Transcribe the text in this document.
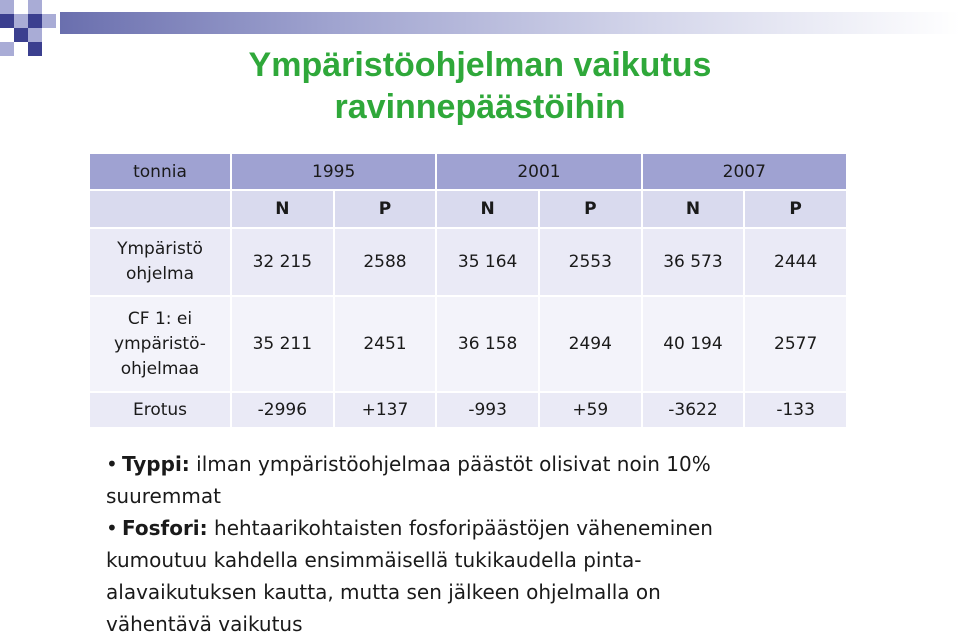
Ympäristöohjelman vaikutus
ravinnepäästöihin
tonnia	1995		2001		2007	
	N	P	N	P	N	P

Ympäristö
ohjelma	32 215	2588	35 164	2553	36 573	2444

CF 1: ei
ympäristö-
ohjelmaa	35 211	2451	36 158	2494	40 194	2577

Erotus	-2996	+137	-993	+59	-3622	-133

• Typpi: ilman ympäristöohjelmaa päästöt olisivat noin 10%

suuremmat

• Fosfori: hehtaarikohtaisten fosforipäästöjen väheneminen

kumoutuu kahdella ensimmäisellä tukikaudella pinta-

alavaikutuksen kautta, mutta sen jälkeen ohjelmalla on

vähentävä vaikutus
